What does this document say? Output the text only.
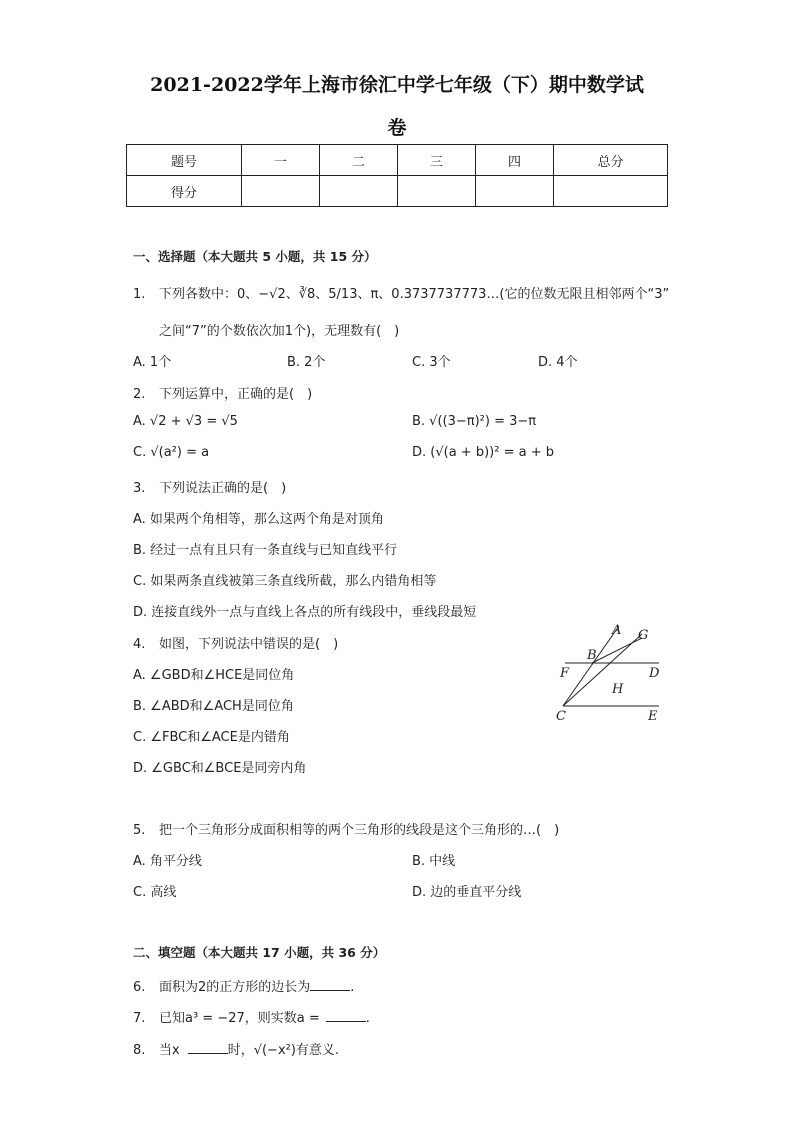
2021-2022学年上海市徐汇中学七年级（下）期中数学试
卷
题号	一	二	三	四	总分
得分					
一、选择题（本大题共 5 小题，共 15 分）
1. 下列各数中：0、−√2、∛8、5/13、π、0.3737737773…(它的位数无限且相邻两个“3”
之间“7”的个数依次加1个)，无理数有(　)
A. 1个	B. 2个	C. 3个	D. 4个
2. 下列运算中，正确的是(　)
A. √2 + √3 = √5	B. √((3−π)²) = 3−π
C. √(a²) = a	D. (√(a + b))² = a + b
3. 下列说法正确的是(　)
A. 如果两个角相等，那么这两个角是对顶角
B. 经过一点有且只有一条直线与已知直线平行
C. 如果两条直线被第三条直线所截，那么内错角相等
D. 连接直线外一点与直线上各点的所有线段中，垂线段最短
4. 如图，下列说法中错误的是(　)
A. ∠GBD和∠HCE是同位角
B. ∠ABD和∠ACH是同位角
C. ∠FBC和∠ACE是内错角
D. ∠GBC和∠BCE是同旁内角
A G
B
F	D
H
C	E
5. 把一个三角形分成面积相等的两个三角形的线段是这个三角形的…(　)
A. 角平分线	B. 中线
C. 高线	D. 边的垂直平分线
二、填空题（本大题共 17 小题，共 36 分）
6. 面积为2的正方形的边长为	.
7. 已知a³ = −27，则实数a =	.
8. 当x	时，√(−x²)有意义.
